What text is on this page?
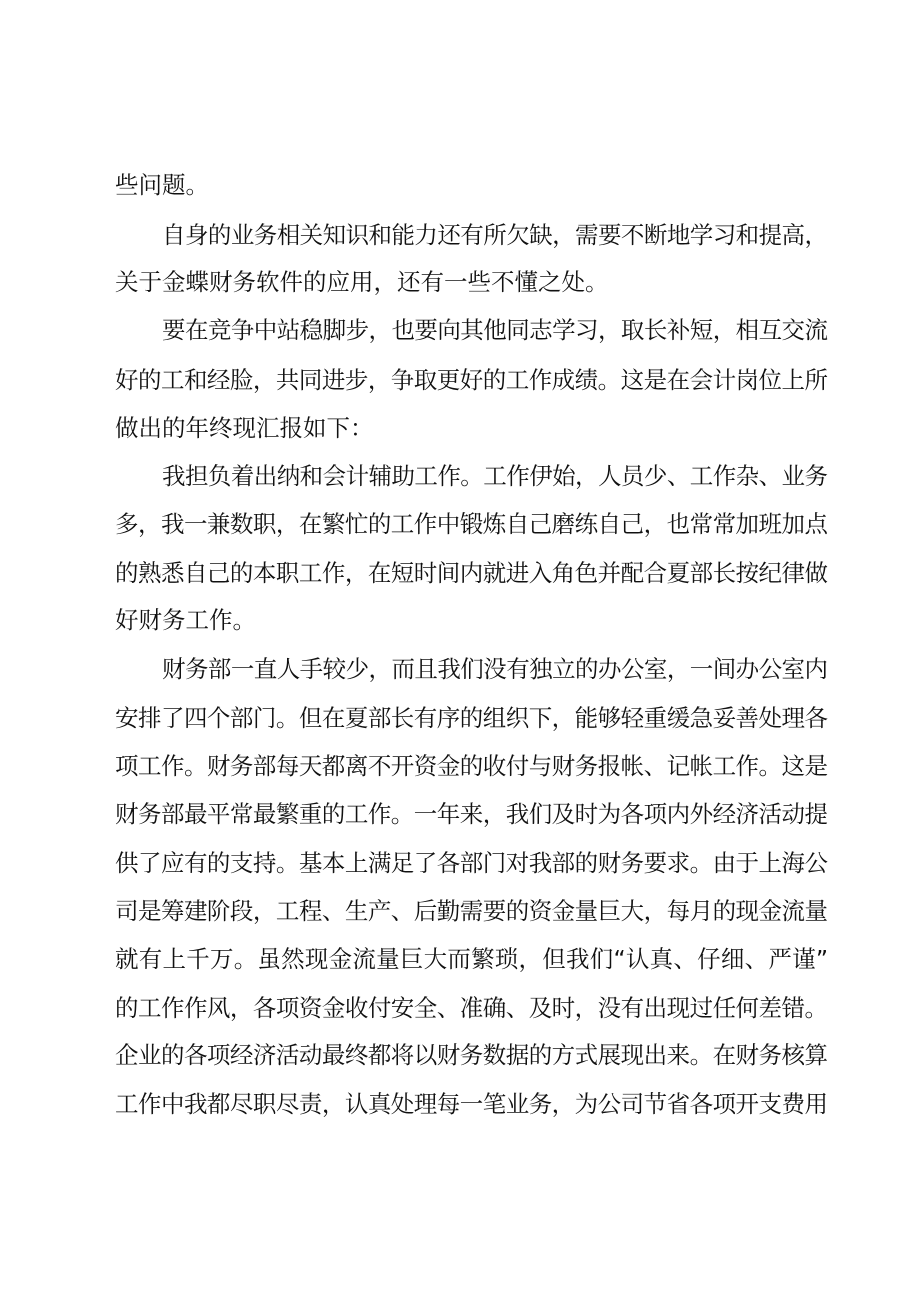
些问题。
自身的业务相关知识和能力还有所欠缺，需要不断地学习和提高，
关于金蝶财务软件的应用，还有一些不懂之处。
要在竞争中站稳脚步，也要向其他同志学习，取长补短，相互交流
好的工和经脸，共同进步，争取更好的工作成绩。这是在会计岗位上所
做出的年终现汇报如下：
我担负着出纳和会计辅助工作。工作伊始，人员少、工作杂、业务
多，我一兼数职，在繁忙的工作中锻炼自己磨练自己，也常常加班加点
的熟悉自己的本职工作，在短时间内就进入角色并配合夏部长按纪律做
好财务工作。
财务部一直人手较少，而且我们没有独立的办公室，一间办公室内
安排了四个部门。但在夏部长有序的组织下，能够轻重缓急妥善处理各
项工作。财务部每天都离不开资金的收付与财务报帐、记帐工作。这是
财务部最平常最繁重的工作。一年来，我们及时为各项内外经济活动提
供了应有的支持。基本上满足了各部门对我部的财务要求。由于上海公
司是筹建阶段，工程、生产、后勤需要的资金量巨大，每月的现金流量
就有上千万。虽然现金流量巨大而繁琐，但我们“认真、仔细、严谨”
的工作作风，各项资金收付安全、准确、及时，没有出现过任何差错。
企业的各项经济活动最终都将以财务数据的方式展现出来。在财务核算
工作中我都尽职尽责，认真处理每一笔业务，为公司节省各项开支费用
